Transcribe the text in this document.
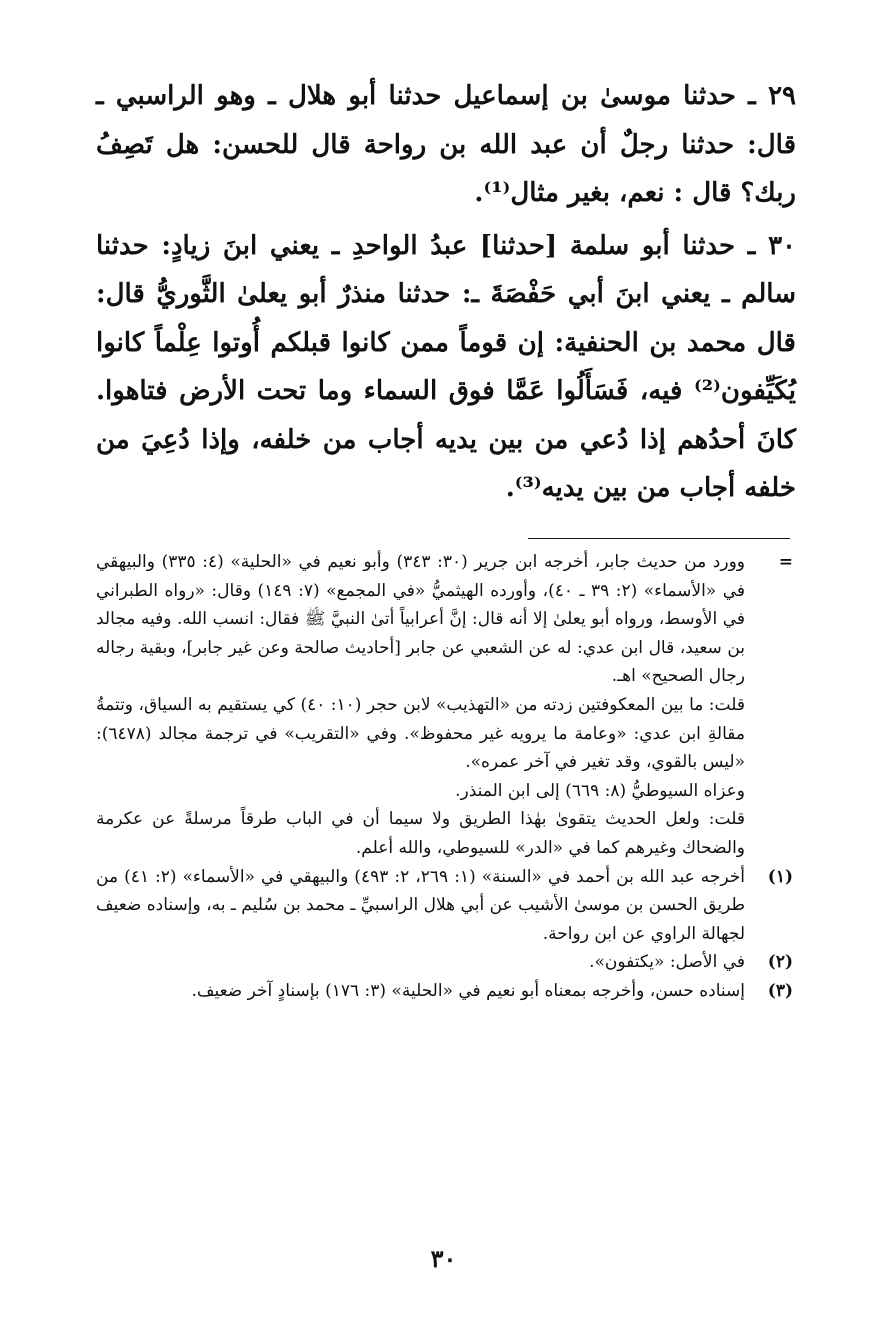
٢٩ ـ حدثنا موسىٰ بن إسماعيل حدثنا أبو هلال ـ وهو الراسبي ـ قال: حدثنا رجلٌ أن عبد الله بن رواحة قال للحسن: هل تَصِفُ ربك؟ قال : نعم، بغير مثال⁽¹⁾.

٣٠ ـ حدثنا أبو سلمة [حدثنا] عبدُ الواحدِ ـ يعني ابنَ زيادٍ: حدثنا سالم ـ يعني ابنَ أبي حَفْصَةَ ـ: حدثنا منذرٌ أبو يعلىٰ الثَّوريُّ قال: قال محمد بن الحنفية: إن قوماً ممن كانوا قبلكم أُوتوا عِلْماً كانوا يُكَيِّفون⁽²⁾ فيه، فَسَأَلُوا عَمَّا فوق السماء وما تحت الأرض فتاهوا. كانَ أحدُهم إذا دُعي من بين يديه أجاب من خلفه، وإذا دُعِيَ من خلفه أجاب من بين يديه⁽³⁾.

=

وورد من حديث جابر، أخرجه ابن جرير (٣٠: ٣٤٣) وأبو نعيم في «الحلية» (٤: ٣٣٥) والبيهقي في «الأسماء» (٢: ٣٩ ـ ٤٠)، وأورده الهيثميُّ «في المجمع» (٧: ١٤٩) وقال: «رواه الطبراني في الأوسط، ورواه أبو يعلىٰ إلا أنه قال: إنَّ أعرابياً أتىٰ النبيَّ ﷺ فقال: انسب الله. وفيه مجالد بن سعيد، قال ابن عدي: له عن الشعبي عن جابر [أحاديث صالحة وعن غير جابر]، وبقية رجاله رجال الصحيح» اهـ.

قلت: ما بين المعكوفتين زدته من «التهذيب» لابن حجر (١٠: ٤٠) كي يستقيم به السياق، وتتمةُ مقالةِ ابن عدي: «وعامة ما يرويه غير محفوظ». وفي «التقريب» في ترجمة مجالد (٦٤٧٨): «ليس بالقوي، وقد تغير في آخر عمره».

وعزاه السيوطيُّ (٨: ٦٦٩) إلى ابن المنذر.

قلت: ولعل الحديث يتقوىٰ بهٰذا الطريق ولا سيما أن في الباب طرقاً مرسلةً عن عكرمة والضحاك وغيرهم كما في «الدر» للسيوطي، والله أعلم.

(١)

أخرجه عبد الله بن أحمد في «السنة» (١: ٢٦٩، ٢: ٤٩٣) والبيهقي في «الأسماء» (٢: ٤١) من طريق الحسن بن موسىٰ الأشيب عن أبي هلال الراسبيِّ ـ محمد بن سُليم ـ به، وإسناده ضعيف لجهالة الراوي عن ابن رواحة.

(٢)

في الأصل: «يكتفون».

(٣)

إسناده حسن، وأخرجه بمعناه أبو نعيم في «الحلية» (٣: ١٧٦) بإسنادٍ آخر ضعيف.

٣٠
